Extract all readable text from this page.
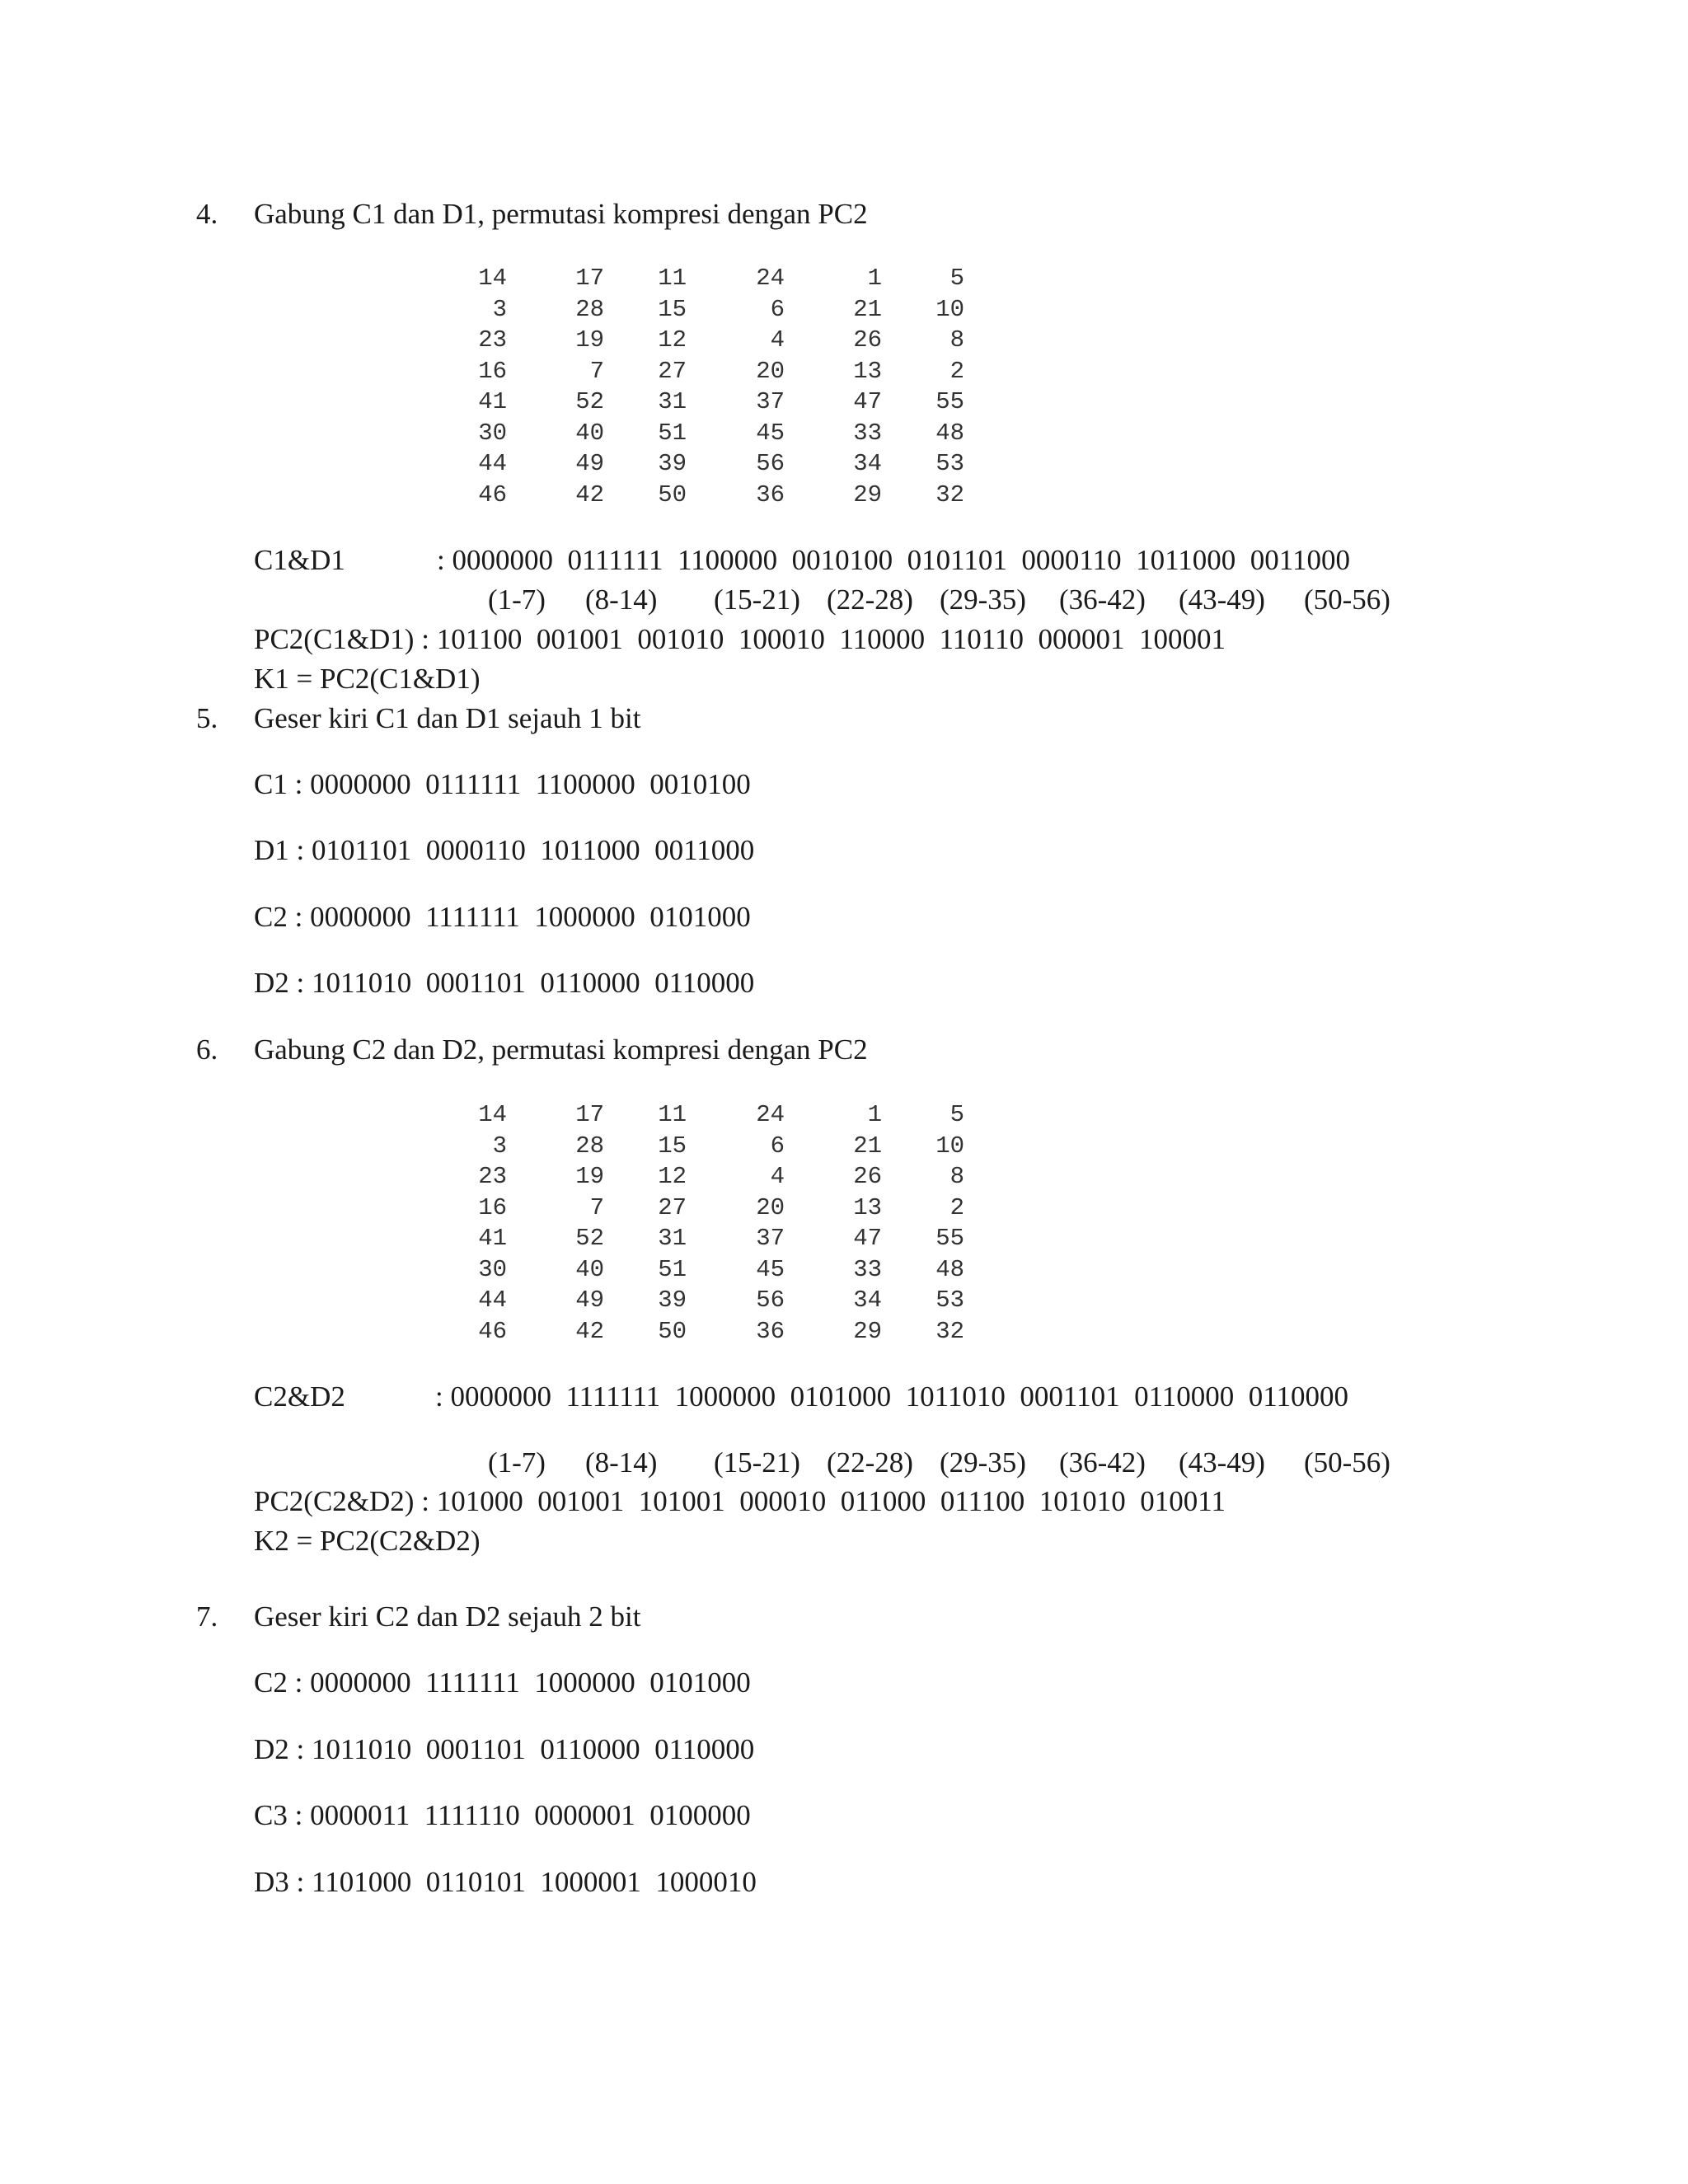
4. Gabung C1 dan D1, permutasi kompresi dengan PC2
14	17	11	24	1	5
3	28	15	6	21	10
23	19	12	4	26	8
16	7	27	20	13	2
41	52	31	37	47	55
30	40	51	45	33	48
44	49	39	56	34	53
46	42	50	36	29	32
C1&D1	: 0000000  0111111  1100000  0010100  0101101  0000110  1011000  0011000
(1-7) (8-14) (15-21) (22-28) (29-35) (36-42) (43-49) (50-56)
PC2(C1&D1) : 101100  001001  001010  100010  110000  110110  000001  100001
K1 = PC2(C1&D1)
5. Geser kiri C1 dan D1 sejauh 1 bit
C1 : 0000000  0111111  1100000  0010100
D1 : 0101101  0000110  1011000  0011000
C2 : 0000000  1111111  1000000  0101000
D2 : 1011010  0001101  0110000  0110000
6. Gabung C2 dan D2, permutasi kompresi dengan PC2
14	17	11	24	1	5
3	28	15	6	21	10
23	19	12	4	26	8
16	7	27	20	13	2
41	52	31	37	47	55
30	40	51	45	33	48
44	49	39	56	34	53
46	42	50	36	29	32
C2&D2	: 0000000  1111111  1000000  0101000  1011010  0001101  0110000  0110000
(1-7) (8-14) (15-21) (22-28) (29-35) (36-42) (43-49) (50-56)
PC2(C2&D2) : 101000  001001  101001  000010  011000  011100  101010  010011
K2 = PC2(C2&D2)
7. Geser kiri C2 dan D2 sejauh 2 bit
C2 : 0000000  1111111  1000000  0101000
D2 : 1011010  0001101  0110000  0110000
C3 : 0000011  1111110  0000001  0100000
D3 : 1101000  0110101  1000001  1000010
